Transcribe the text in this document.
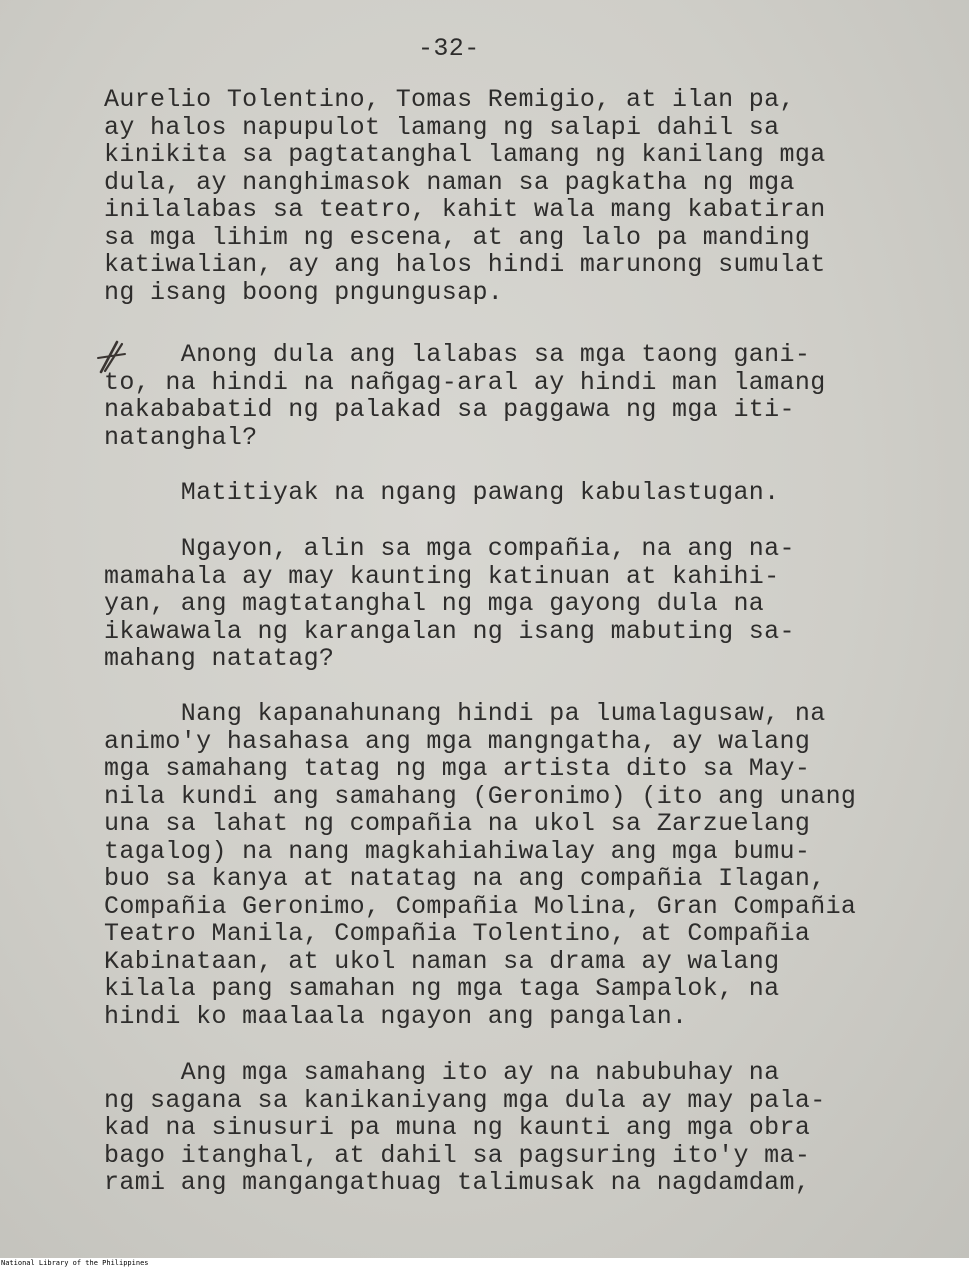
-32-

Aurelio Tolentino, Tomas Remigio, at ilan pa,
ay halos napupulot lamang ng salapi dahil sa
kinikita sa pagtatanghal lamang ng kanilang mga
dula, ay nanghimasok naman sa pagkatha ng mga
inilalabas sa teatro, kahit wala mang kabatiran
sa mga lihim ng escena, at ang lalo pa manding
katiwalian, ay ang halos hindi marunong sumulat
ng isang boong pngungusap.
Anong dula ang lalabas sa mga taong gani-
to, na hindi na nañgag-aral ay hindi man lamang
nakababatid ng palakad sa paggawa ng mga iti-
natanghal?
Matitiyak na ngang pawang kabulastugan.
Ngayon, alin sa mga compañia, na ang na-
mamahala ay may kaunting katinuan at kahihi-
yan, ang magtatanghal ng mga gayong dula na
ikawawala ng karangalan ng isang mabuting sa-
mahang natatag?
Nang kapanahunang hindi pa lumalagusaw, na
animo'y hasahasa ang mga mangngatha, ay walang
mga samahang tatag ng mga artista dito sa May-
nila kundi ang samahang (Geronimo) (ito ang unang
una sa lahat ng compañia na ukol sa Zarzuelang
tagalog) na nang magkahiahiwalay ang mga bumu-
buo sa kanya at natatag na ang compañia Ilagan,
Compañia Geronimo, Compañia Molina, Gran Compañia
Teatro Manila, Compañia Tolentino, at Compañia
Kabinataan, at ukol naman sa drama ay walang
kilala pang samahan ng mga taga Sampalok, na
hindi ko maalaala ngayon ang pangalan.
Ang mga samahang ito ay na nabubuhay na
ng sagana sa kanikaniyang mga dula ay may pala-
kad na sinusuri pa muna ng kaunti ang mga obra
bago itanghal, at dahil sa pagsuring ito'y ma-
rami ang mangangathuag talimusak na nagdamdam,
National Library of the Philippines
